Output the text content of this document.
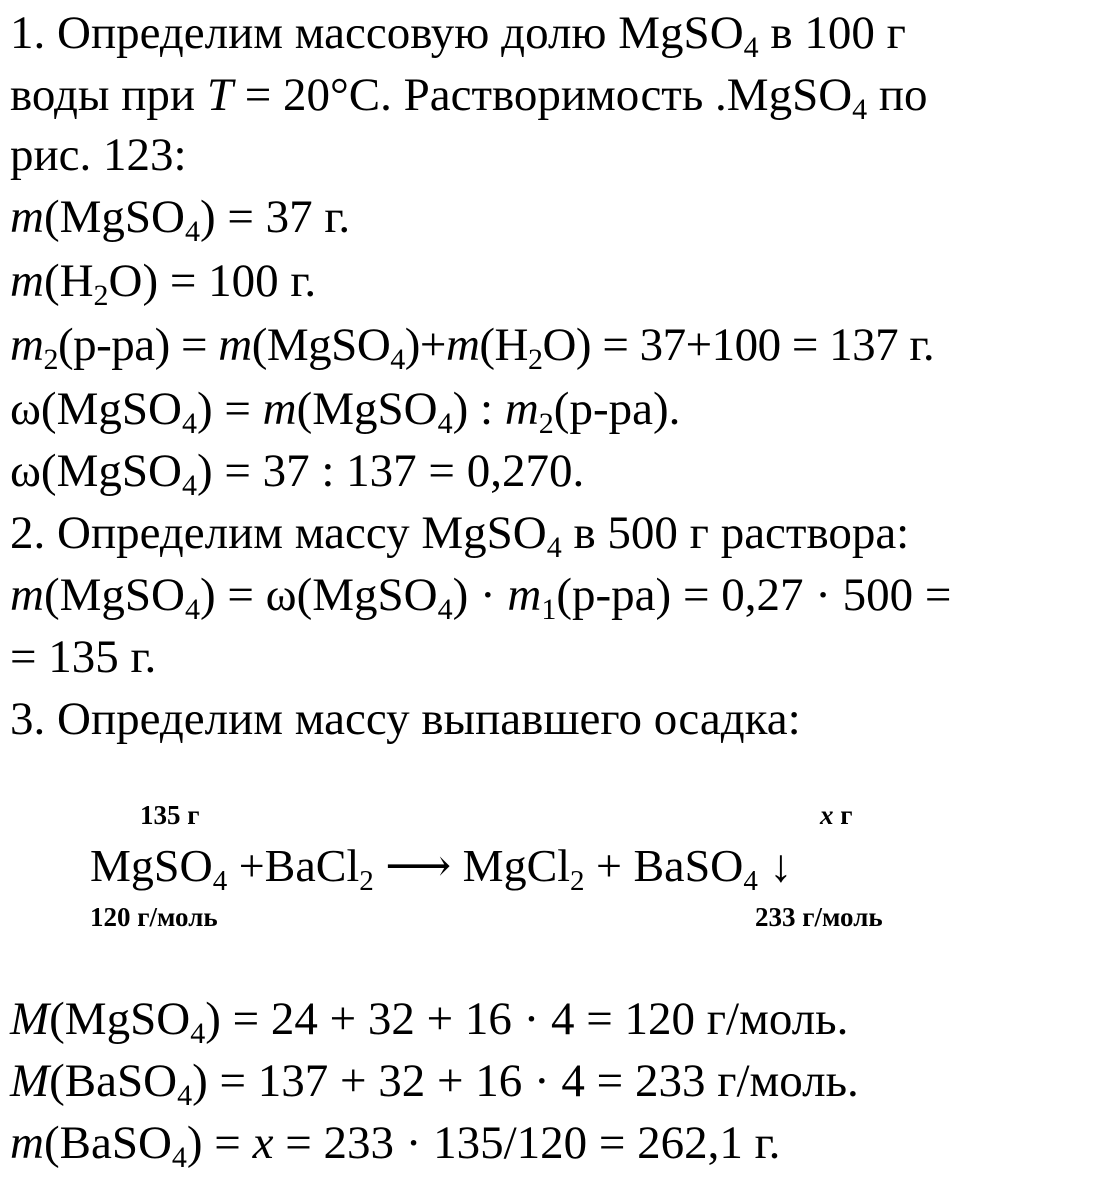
1. Определим массовую долю MgSO$_4$ в 100 г
воды при T = 20°С. Растворимость .MgSO$_4$ по
рис. 123:
m(MgSO$_4$) = 37 г.
$m(H_2O) = 100$ г.
$m_2(р-ра)$ = $m(MgSO_4)+m(H_2O) = 37+100 = 137$ г.
ω(MgSO$_4$) = m(MgSO$_4$) : $m_2(р-ра)$.
ω(MgSO$_4$) = 37 : 137 = 0,270.
2. Определим массу MgSO$_4$ в 500 г раствора:
m(MgSO$_4$) = ω(MgSO$_4$) · $m_1(р-ра) = 0,27 \cdot 500$ =
= 135 г.
3. Определим массу выпавшего осадка:
135 г	x г
MgSO$_4$ +BaCl$_2$ ⟶ MgCl$_2$ + BaSO$_4$ ↓
120 г/моль	233 г/моль
M(MgSO$_4$) = 24 + 32 + 16 · 4 = 120 г/моль.
M(BaSO$_4$) = 137 + 32 + 16 · 4 = 233 г/моль.
m(BaSO$_4$) = x = 233 · 135/120 = 262,1 г.
